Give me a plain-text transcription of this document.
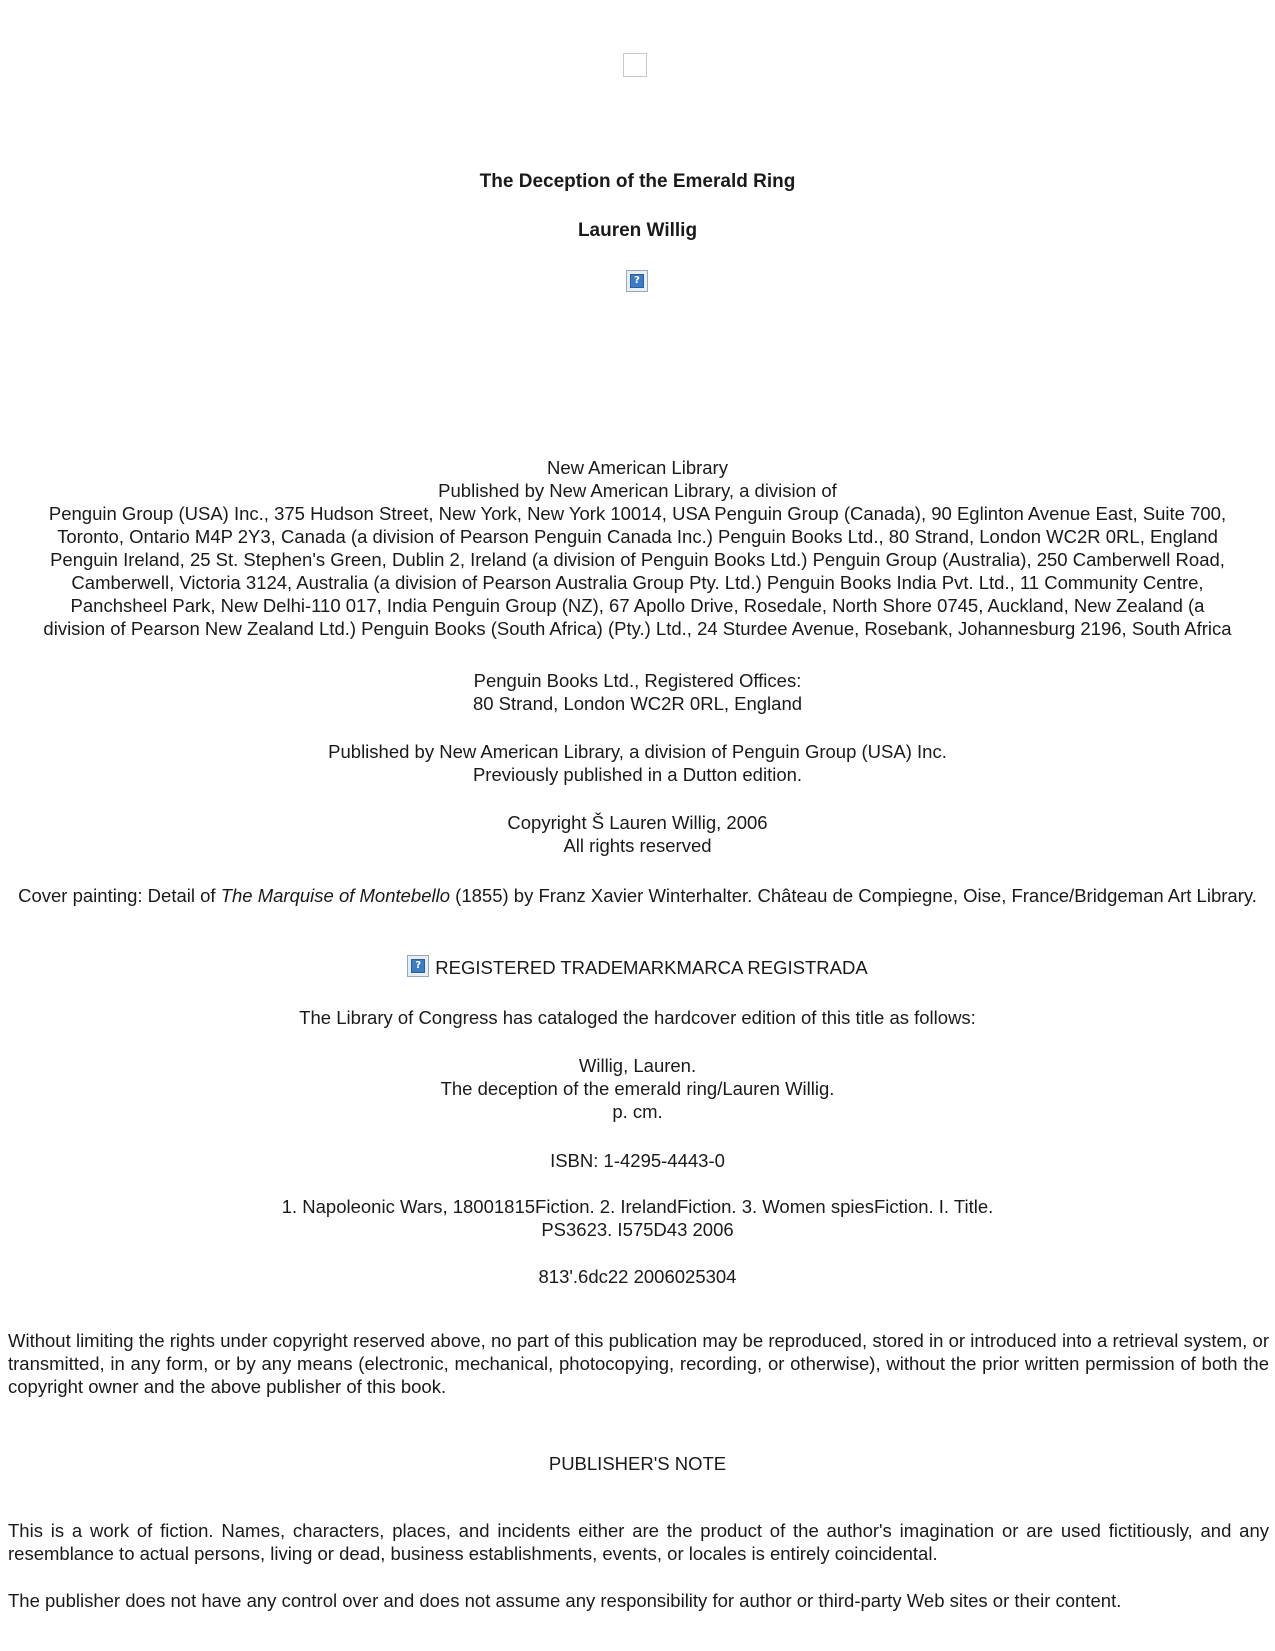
The Deception of the Emerald Ring
Lauren Willig
?
New American Library
Published by New American Library, a division of
Penguin Group (USA) Inc., 375 Hudson Street, New York, New York 10014, USA Penguin Group (Canada), 90 Eglinton Avenue East, Suite 700,
Toronto, Ontario M4P 2Y3, Canada (a division of Pearson Penguin Canada Inc.) Penguin Books Ltd., 80 Strand, London WC2R 0RL, England
Penguin Ireland, 25 St. Stephen's Green, Dublin 2, Ireland (a division of Penguin Books Ltd.) Penguin Group (Australia), 250 Camberwell Road,
Camberwell, Victoria 3124, Australia (a division of Pearson Australia Group Pty. Ltd.) Penguin Books India Pvt. Ltd., 11 Community Centre,
Panchsheel Park, New Delhi-110 017, India Penguin Group (NZ), 67 Apollo Drive, Rosedale, North Shore 0745, Auckland, New Zealand (a
division of Pearson New Zealand Ltd.) Penguin Books (South Africa) (Pty.) Ltd., 24 Sturdee Avenue, Rosebank, Johannesburg 2196, South Africa
Penguin Books Ltd., Registered Offices:
80 Strand, London WC2R 0RL, England
Published by New American Library, a division of Penguin Group (USA) Inc.
Previously published in a Dutton edition.
Copyright Š Lauren Willig, 2006
All rights reserved
Cover painting: Detail of The Marquise of Montebello (1855) by Franz Xavier Winterhalter. Château de Compiegne, Oise, France/Bridgeman Art Library.
? REGISTERED TRADEMARKMARCA REGISTRADA
The Library of Congress has cataloged the hardcover edition of this title as follows:
Willig, Lauren.
The deception of the emerald ring/Lauren Willig.
p. cm.
ISBN: 1-4295-4443-0
1. Napoleonic Wars, 18001815Fiction. 2. IrelandFiction. 3. Women spiesFiction. I. Title.
PS3623. I575D43 2006
813'.6dc22 2006025304
Without limiting the rights under copyright reserved above, no part of this publication may be reproduced, stored in or introduced into a retrieval system, or transmitted, in any form, or by any means (electronic, mechanical, photocopying, recording, or otherwise), without the prior written permission of both the copyright owner and the above publisher of this book.
PUBLISHER'S NOTE
This is a work of fiction. Names, characters, places, and incidents either are the product of the author's imagination or are used fictitiously, and any resemblance to actual persons, living or dead, business establishments, events, or locales is entirely coincidental.
The publisher does not have any control over and does not assume any responsibility for author or third-party Web sites or their content.
